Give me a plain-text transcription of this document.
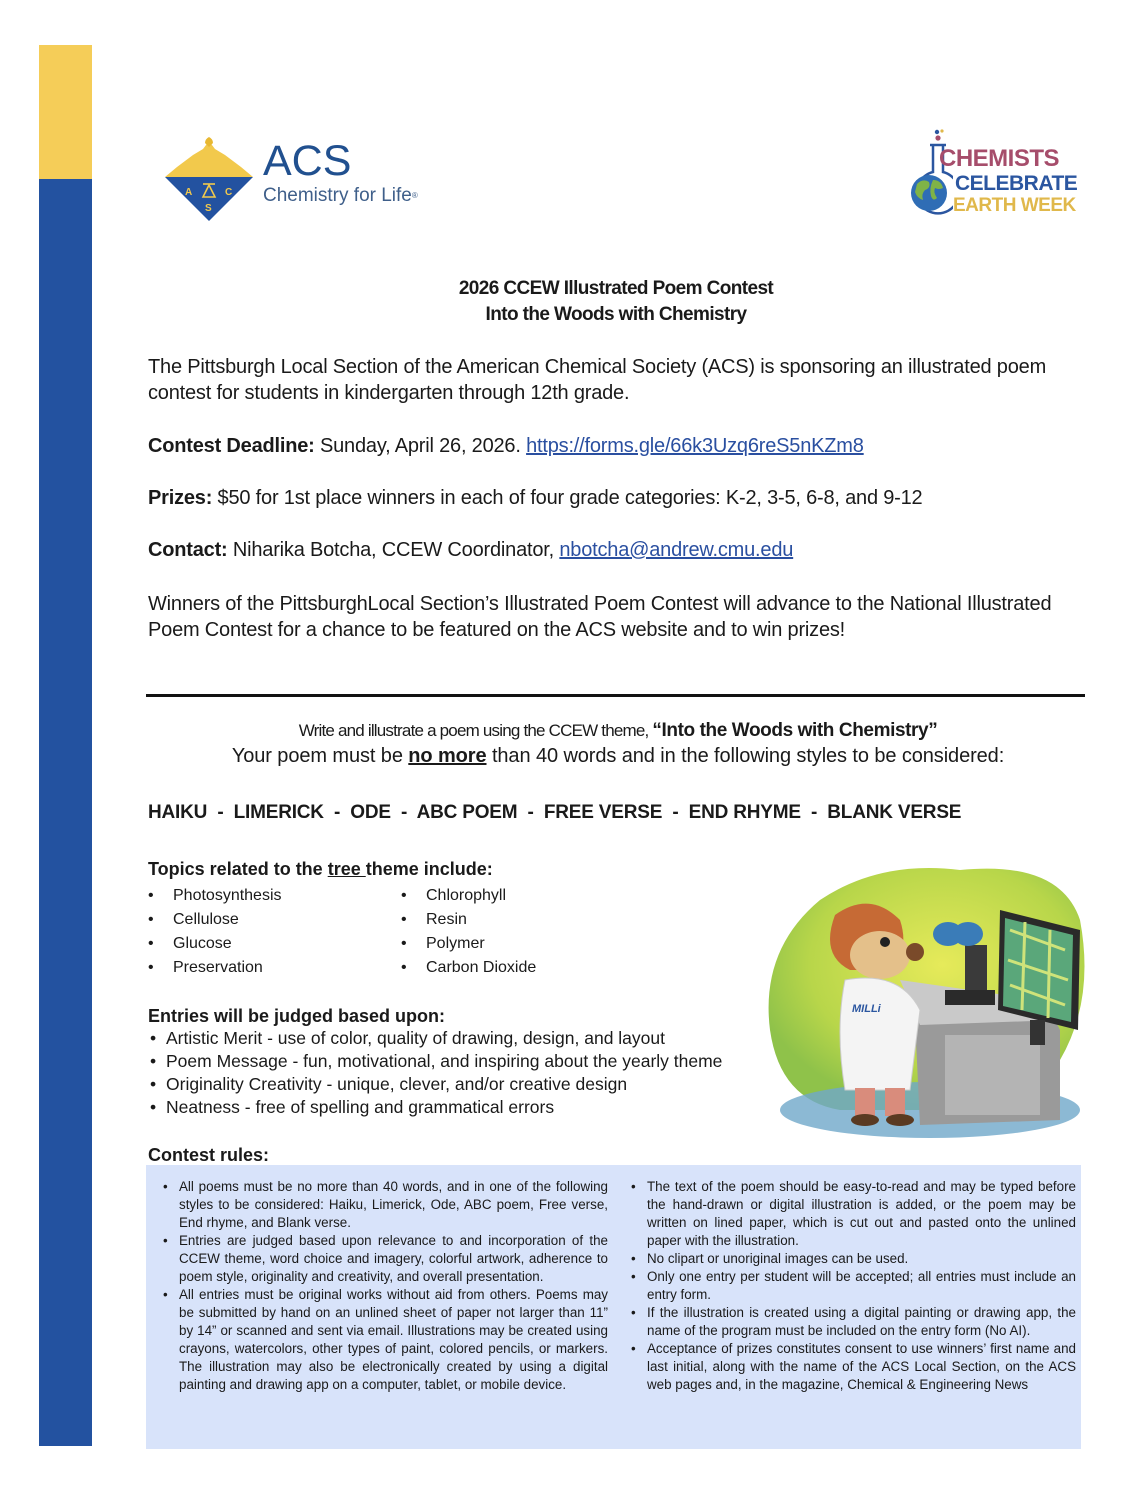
A	C
S
ACS
Chemistry for Life®
CHEMISTS
CELEBRATE
EARTH WEEK
2026 CCEW Illustrated Poem Contest
Into the Woods with Chemistry
The Pittsburgh Local Section of the American Chemical Society (ACS) is sponsoring an illustrated poem contest for students in kindergarten through 12th grade.
Contest Deadline: Sunday, April 26, 2026. https://forms.gle/66k3Uzq6reS5nKZm8
Prizes: $50 for 1st place winners in each of four grade categories: K-2, 3-5, 6-8, and 9-12
Contact: Niharika Botcha, CCEW Coordinator, nbotcha@andrew.cmu.edu
Winners of the PittsburghLocal Section’s Illustrated Poem Contest will advance to the National Illustrated Poem Contest for a chance to be featured on the ACS website and to win prizes!
Write and illustrate a poem using the CCEW theme, “Into the Woods with Chemistry”
Your poem must be no more than 40 words and in the following styles to be considered:
HAIKU  -  LIMERICK  -  ODE  -  ABC POEM  -  FREE VERSE  -  END RHYME  -  BLANK VERSE
Topics related to the tree theme include:
• Photosynthesis
• Cellulose
• Glucose
• Preservation
• Chlorophyll
• Resin
• Polymer
• Carbon Dioxide
Entries will be judged based upon:
• Artistic Merit - use of color, quality of drawing, design, and layout
• Poem Message - fun, motivational, and inspiring about the yearly theme
• Originality Creativity - unique, clever, and/or creative design
• Neatness - free of spelling and grammatical errors
MILLi
Contest rules:
• All poems must be no more than 40 words, and in one of the following styles to be considered: Haiku, Limerick, Ode, ABC poem, Free verse, End rhyme, and Blank verse.
• Entries are judged based upon relevance to and incorporation of the CCEW theme, word choice and imagery, colorful artwork, adherence to poem style, originality and creativity, and overall presentation.
• All entries must be original works without aid from others. Poems may be submitted by hand on an unlined sheet of paper not larger than 11” by 14” or scanned and sent via email. Illustrations may be created using crayons, watercolors, other types of paint, colored pencils, or markers. The illustration may also be electronically created by using a digital painting and drawing app on a computer, tablet, or mobile device.
• The text of the poem should be easy-to-read and may be typed before the hand-drawn or digital illustration is added, or the poem may be written on lined paper, which is cut out and pasted onto the unlined paper with the illustration.
• No clipart or unoriginal images can be used.
• Only one entry per student will be accepted; all entries must include an entry form.
• If the illustration is created using a digital painting or drawing app, the name of the program must be included on the entry form (No AI).
• Acceptance of prizes constitutes consent to use winners’ first name and last initial, along with the name of the ACS Local Section, on the ACS web pages and, in the magazine, Chemical & Engineering News
